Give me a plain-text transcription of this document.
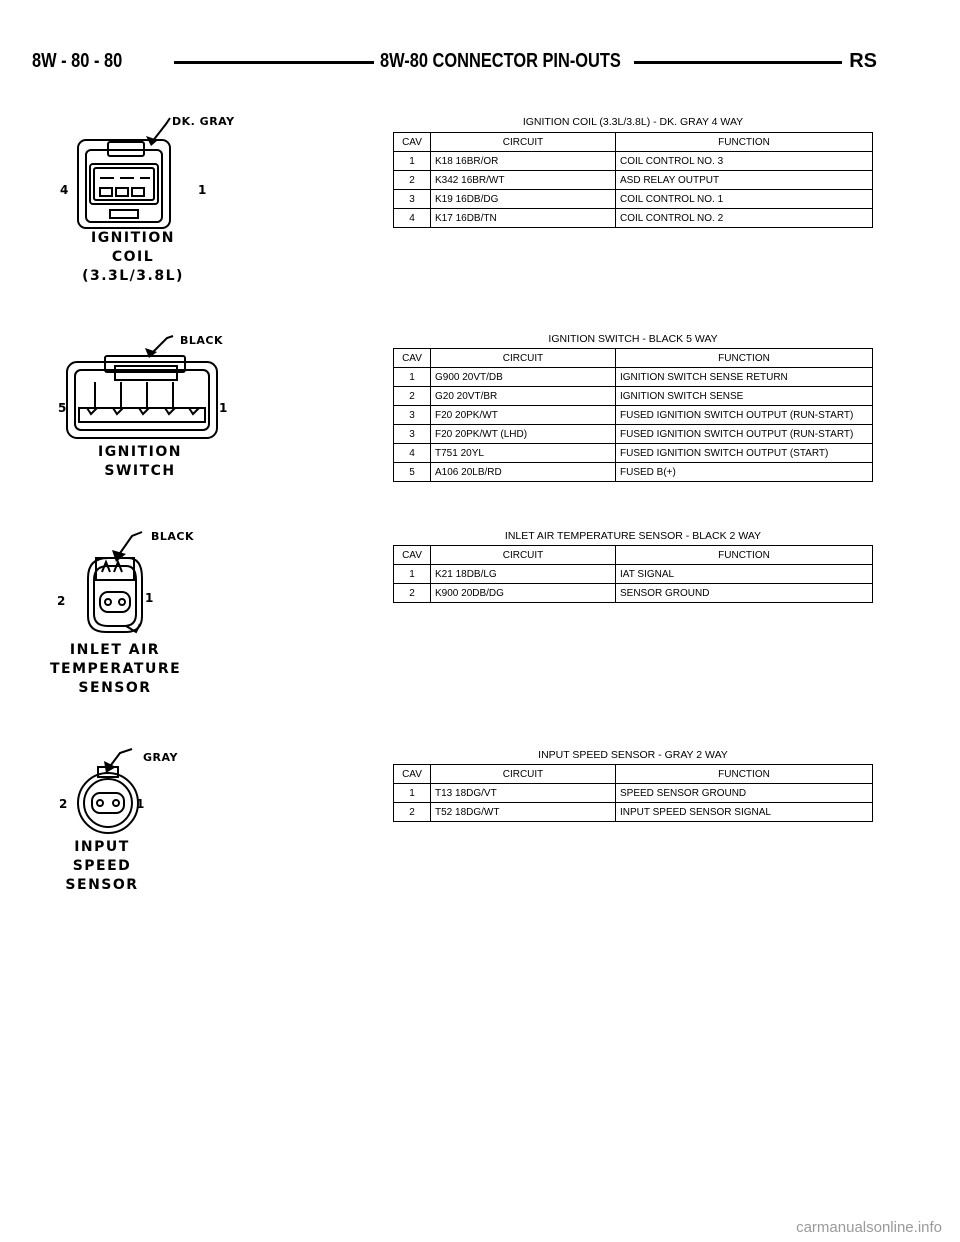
8W - 80 - 80	8W-80 CONNECTOR PIN-OUTS	RS
DK. GRAY
4	1
IGNITION
COIL
(3.3L/3.8L)
IGNITION COIL (3.3L/3.8L) - DK. GRAY 4 WAY
CAV	CIRCUIT	FUNCTION
1	K18 16BR/OR	COIL CONTROL NO. 3
2	K342 16BR/WT	ASD RELAY OUTPUT
3	K19 16DB/DG	COIL CONTROL NO. 1
4	K17 16DB/TN	COIL CONTROL NO. 2
BLACK
5	1
IGNITION
SWITCH
IGNITION SWITCH - BLACK 5 WAY
CAV	CIRCUIT	FUNCTION
1	G900 20VT/DB	IGNITION SWITCH SENSE RETURN
2	G20 20VT/BR	IGNITION SWITCH SENSE
3	F20 20PK/WT	FUSED IGNITION SWITCH OUTPUT (RUN-START)
3	F20 20PK/WT (LHD)	FUSED IGNITION SWITCH OUTPUT (RUN-START)
4	T751 20YL	FUSED IGNITION SWITCH OUTPUT (START)
5	A106 20LB/RD	FUSED B(+)
BLACK
2	1
INLET AIR
TEMPERATURE
SENSOR
INLET AIR TEMPERATURE SENSOR - BLACK 2 WAY
CAV	CIRCUIT	FUNCTION
1	K21 18DB/LG	IAT SIGNAL
2	K900 20DB/DG	SENSOR GROUND
GRAY
2	1
INPUT
SPEED
SENSOR
INPUT SPEED SENSOR - GRAY 2 WAY
CAV	CIRCUIT	FUNCTION
1	T13 18DG/VT	SPEED SENSOR GROUND
2	T52 18DG/WT	INPUT SPEED SENSOR SIGNAL
carmanualsonline.info
